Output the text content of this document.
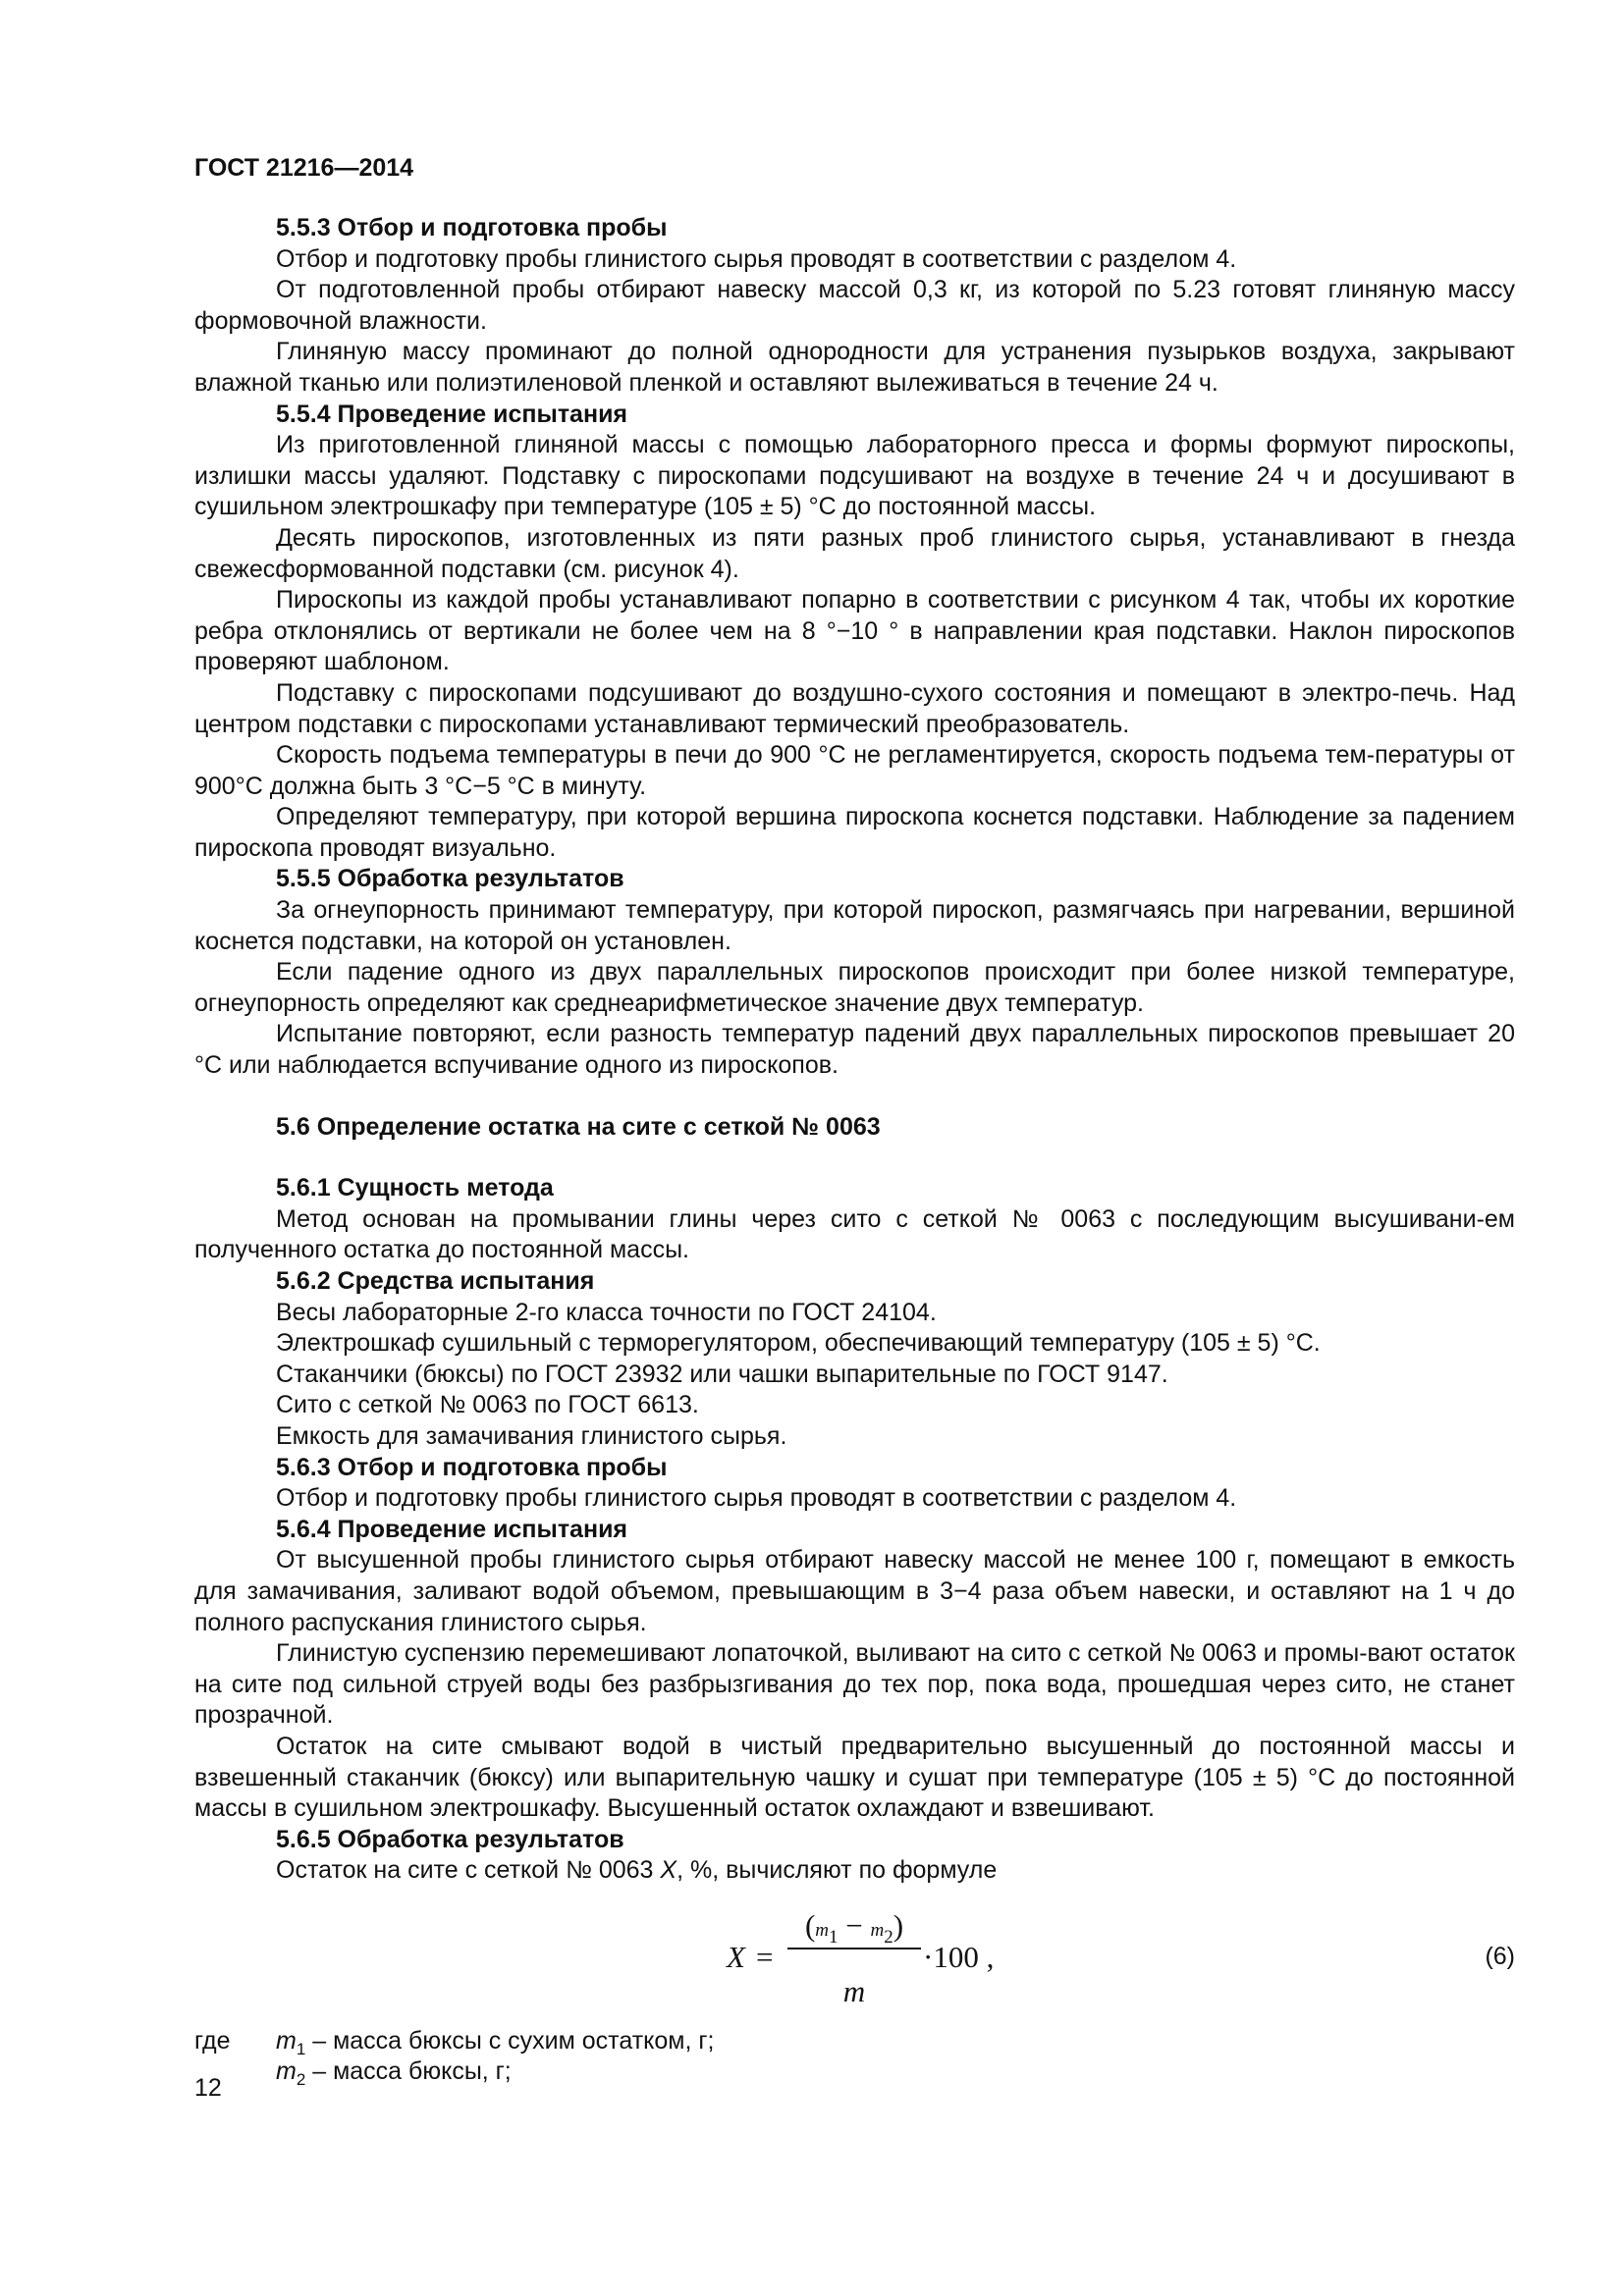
ГОСТ 21216—2014

5.5.3 Отбор и подготовка пробы

Отбор и подготовку пробы глинистого сырья проводят в соответствии с разделом 4.

От подготовленной пробы отбирают навеску массой 0,3 кг, из которой по 5.23 готовят глиняную массу формовочной влажности.

Глиняную массу проминают до полной однородности для устранения пузырьков воздуха, закрывают влажной тканью или полиэтиленовой пленкой и оставляют вылеживаться в течение 24 ч.

5.5.4 Проведение испытания

Из приготовленной глиняной массы с помощью лабораторного пресса и формы формуют пироскопы, излишки массы удаляют. Подставку с пироскопами подсушивают на воздухе в течение 24 ч и досушивают в сушильном электрошкафу при температуре (105 ± 5) °С до постоянной массы.

Десять пироскопов, изготовленных из пяти разных проб глинистого сырья, устанавливают в гнезда свежесформованной подставки (см. рисунок 4).

Пироскопы из каждой пробы устанавливают попарно в соответствии с рисунком 4 так, чтобы их короткие ребра отклонялись от вертикали не более чем на 8 °−10 ° в направлении края подставки. Наклон пироскопов проверяют шаблоном.

Подставку с пироскопами подсушивают до воздушно-сухого состояния и помещают в электро-печь. Над центром подставки с пироскопами устанавливают термический преобразователь.

Скорость подъема температуры в печи до 900 °С не регламентируется, скорость подъема тем-пературы от 900°С должна быть 3 °С−5 °С в минуту.

Определяют температуру, при которой вершина пироскопа коснется подставки. Наблюдение за падением пироскопа проводят визуально.

5.5.5 Обработка результатов

За огнеупорность принимают температуру, при которой пироскоп, размягчаясь при нагревании, вершиной коснется подставки, на которой он установлен.

Если падение одного из двух параллельных пироскопов происходит при более низкой температуре, огнеупорность определяют как среднеарифметическое значение двух температур.

Испытание повторяют, если разность температур падений двух параллельных пироскопов превышает 20 °С или наблюдается вспучивание одного из пироскопов.

5.6 Определение остатка на сите с сеткой № 0063

5.6.1 Сущность метода

Метод основан на промывании глины через сито с сеткой № 0063 с последующим высушивани-ем полученного остатка до постоянной массы.

5.6.2 Средства испытания

Весы лабораторные 2-го класса точности по ГОСТ 24104.

Электрошкаф сушильный с терморегулятором, обеспечивающий температуру (105 ± 5) °С.

Стаканчики (бюксы) по ГОСТ 23932 или чашки выпарительные по ГОСТ 9147.

Сито с сеткой № 0063 по ГОСТ 6613.

Емкость для замачивания глинистого сырья.

5.6.3 Отбор и подготовка пробы

Отбор и подготовку пробы глинистого сырья проводят в соответствии с разделом 4.

5.6.4 Проведение испытания

От высушенной пробы глинистого сырья отбирают навеску массой не менее 100 г, помещают в емкость для замачивания, заливают водой объемом, превышающим в 3−4 раза объем навески, и оставляют на 1 ч до полного распускания глинистого сырья.

Глинистую суспензию перемешивают лопаточкой, выливают на сито с сеткой № 0063 и промы-вают остаток на сите под сильной струей воды без разбрызгивания до тех пор, пока вода, прошедшая через сито, не станет прозрачной.

Остаток на сите смывают водой в чистый предварительно высушенный до постоянной массы и взвешенный стаканчик (бюксу) или выпарительную чашку и сушат при температуре (105 ± 5) °С до постоянной массы в сушильном электрошкафу. Высушенный остаток охлаждают и взвешивают.

5.6.5 Обработка результатов

Остаток на сите с сеткой № 0063 Х, %, вычисляют по формуле

X =
$(m_1 - m_2)$
m
·100 ,	(6)
где $m_1$ – масса бюксы с сухим остатком, г;
$m_2$ – масса бюксы, г;
12
